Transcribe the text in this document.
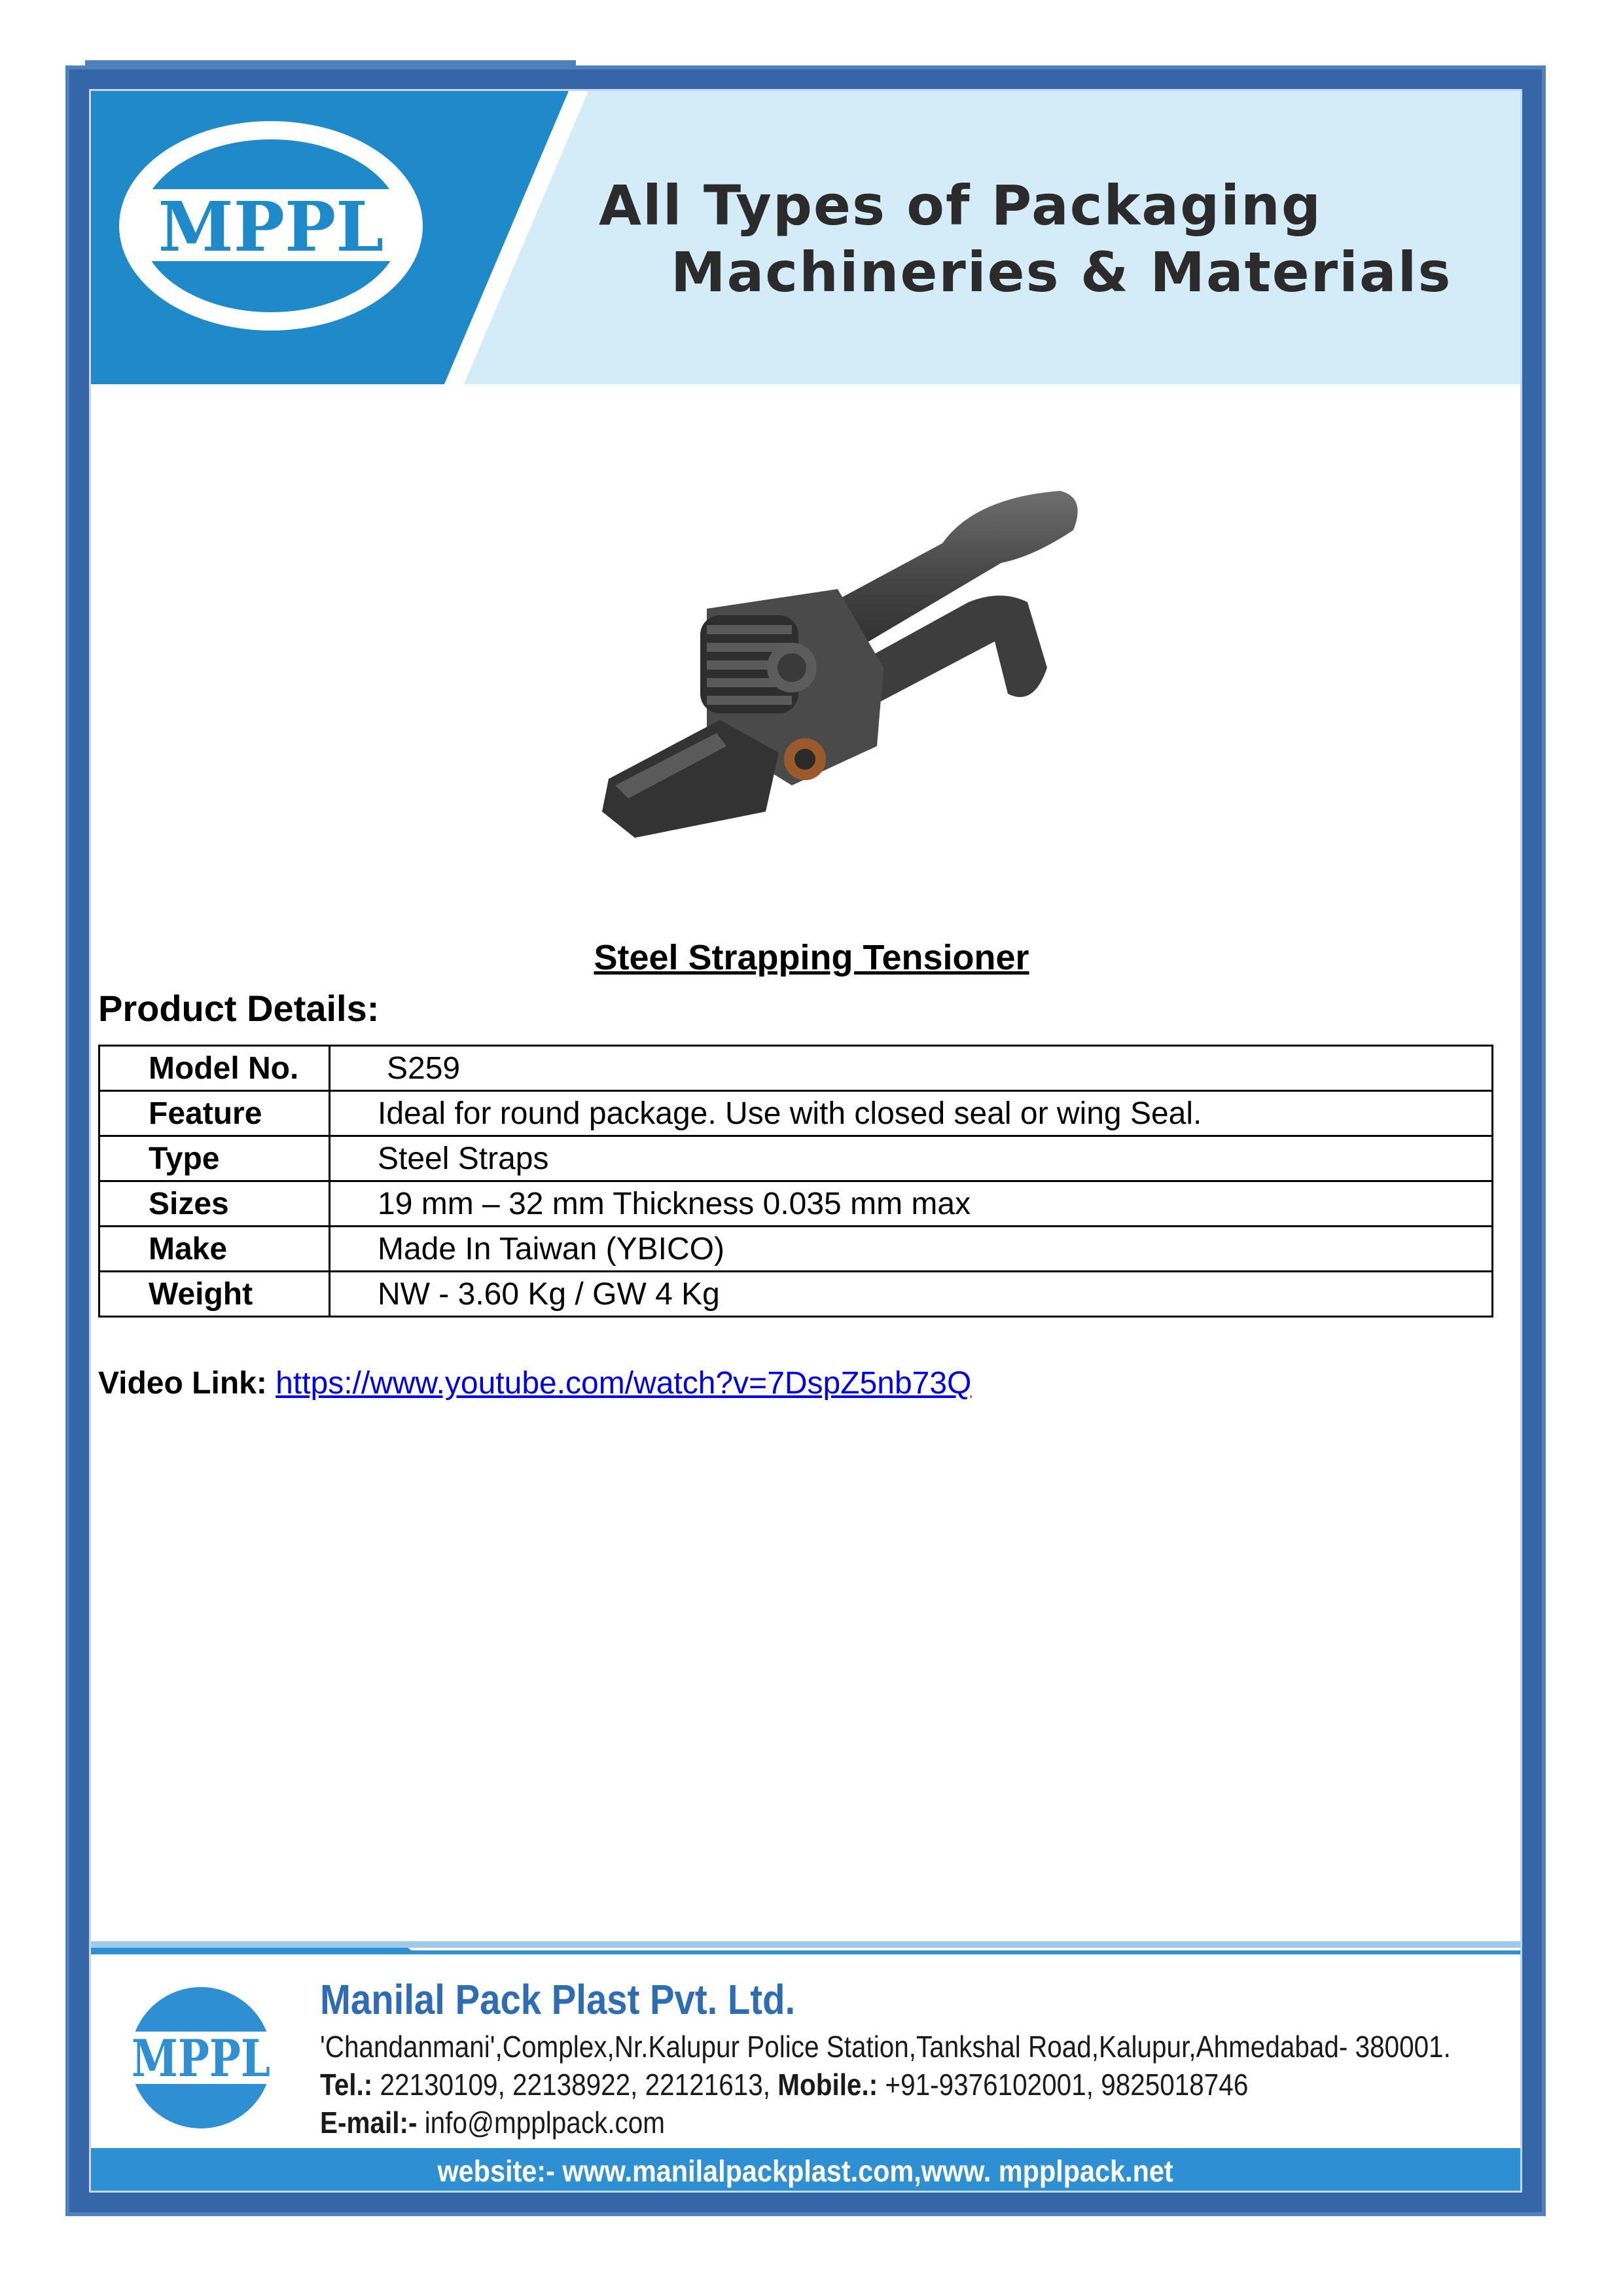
MPPL	All Types of Packaging
Machineries & Materials
Steel Strapping Tensioner
Product Details:
Model No.	S259
Feature	Ideal for round package. Use with closed seal or wing Seal.
Type	Steel Straps
Sizes	19 mm – 32 mm Thickness 0.035 mm max
Make	Made In Taiwan (YBICO)
Weight	NW - 3.60 Kg / GW 4 Kg
Video Link: https://www.youtube.com/watch?v=7DspZ5nb73Q
MPPL
Manilal Pack Plast Pvt. Ltd.
'Chandanmani',Complex,Nr.Kalupur Police Station,Tankshal Road,Kalupur,Ahmedabad- 380001.
Tel.: 22130109, 22138922, 22121613, Mobile.: +91-9376102001, 9825018746
E-mail:- info@mpplpack.com
website:- www.manilalpackplast.com,www. mpplpack.net
